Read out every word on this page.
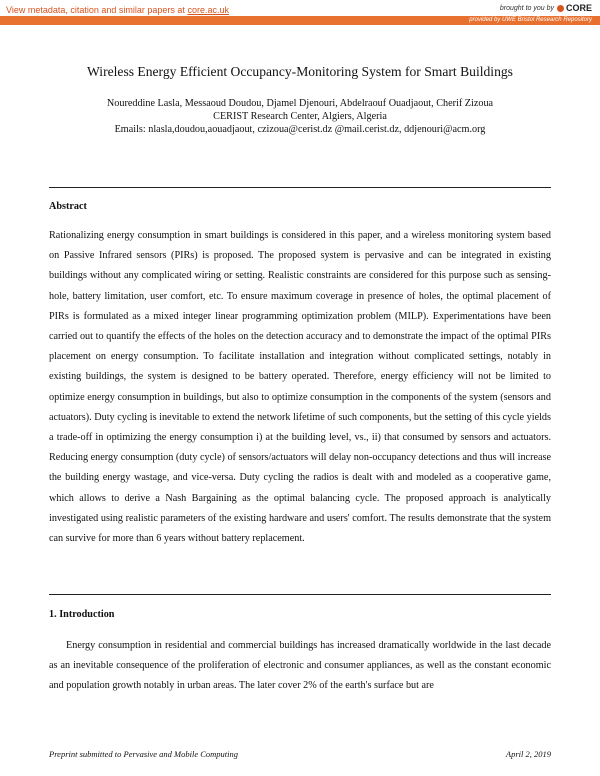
View metadata, citation and similar papers at core.ac.uk	brought to you by CORE
provided by UWE Bristol Research Repository
Wireless Energy Efficient Occupancy-Monitoring System for Smart Buildings
Noureddine Lasla, Messaoud Doudou, Djamel Djenouri, Abdelraouf Ouadjaout, Cherif Zizoua
CERIST Research Center, Algiers, Algeria
Emails: nlasla,doudou,aouadjaout, czizoua@cerist.dz @mail.cerist.dz, ddjenouri@acm.org
Abstract
Rationalizing energy consumption in smart buildings is considered in this paper, and a wireless monitoring system based on Passive Infrared sensors (PIRs) is proposed. The proposed system is pervasive and can be integrated in existing buildings without any complicated wiring or setting. Realistic constraints are considered for this purpose such as sensing-hole, battery limitation, user comfort, etc. To ensure maximum coverage in presence of holes, the optimal placement of PIRs is formulated as a mixed integer linear programming optimization problem (MILP). Experimentations have been carried out to quantify the effects of the holes on the detection accuracy and to demonstrate the impact of the optimal PIRs placement on energy consumption. To facilitate installation and integration without complicated settings, notably in existing buildings, the system is designed to be battery operated. Therefore, energy efficiency will not be limited to optimize energy consumption in buildings, but also to optimize consumption in the components of the system (sensors and actuators). Duty cycling is inevitable to extend the network lifetime of such components, but the setting of this cycle yields a trade-off in optimizing the energy consumption i) at the building level, vs., ii) that consumed by sensors and actuators. Reducing energy consumption (duty cycle) of sensors/actuators will delay non-occupancy detections and thus will increase the building energy wastage, and vice-versa. Duty cycling the radios is dealt with and modeled as a cooperative game, which allows to derive a Nash Bargaining as the optimal balancing cycle. The proposed approach is analytically investigated using realistic parameters of the existing hardware and users' comfort. The results demonstrate that the system can survive for more than 6 years without battery replacement.
1. Introduction
Energy consumption in residential and commercial buildings has increased dramatically worldwide in the last decade as an inevitable consequence of the proliferation of electronic and consumer appliances, as well as the constant economic and population growth notably in urban areas. The later cover 2% of the earth's surface but are
Preprint submitted to Pervasive and Mobile Computing	April 2, 2019
